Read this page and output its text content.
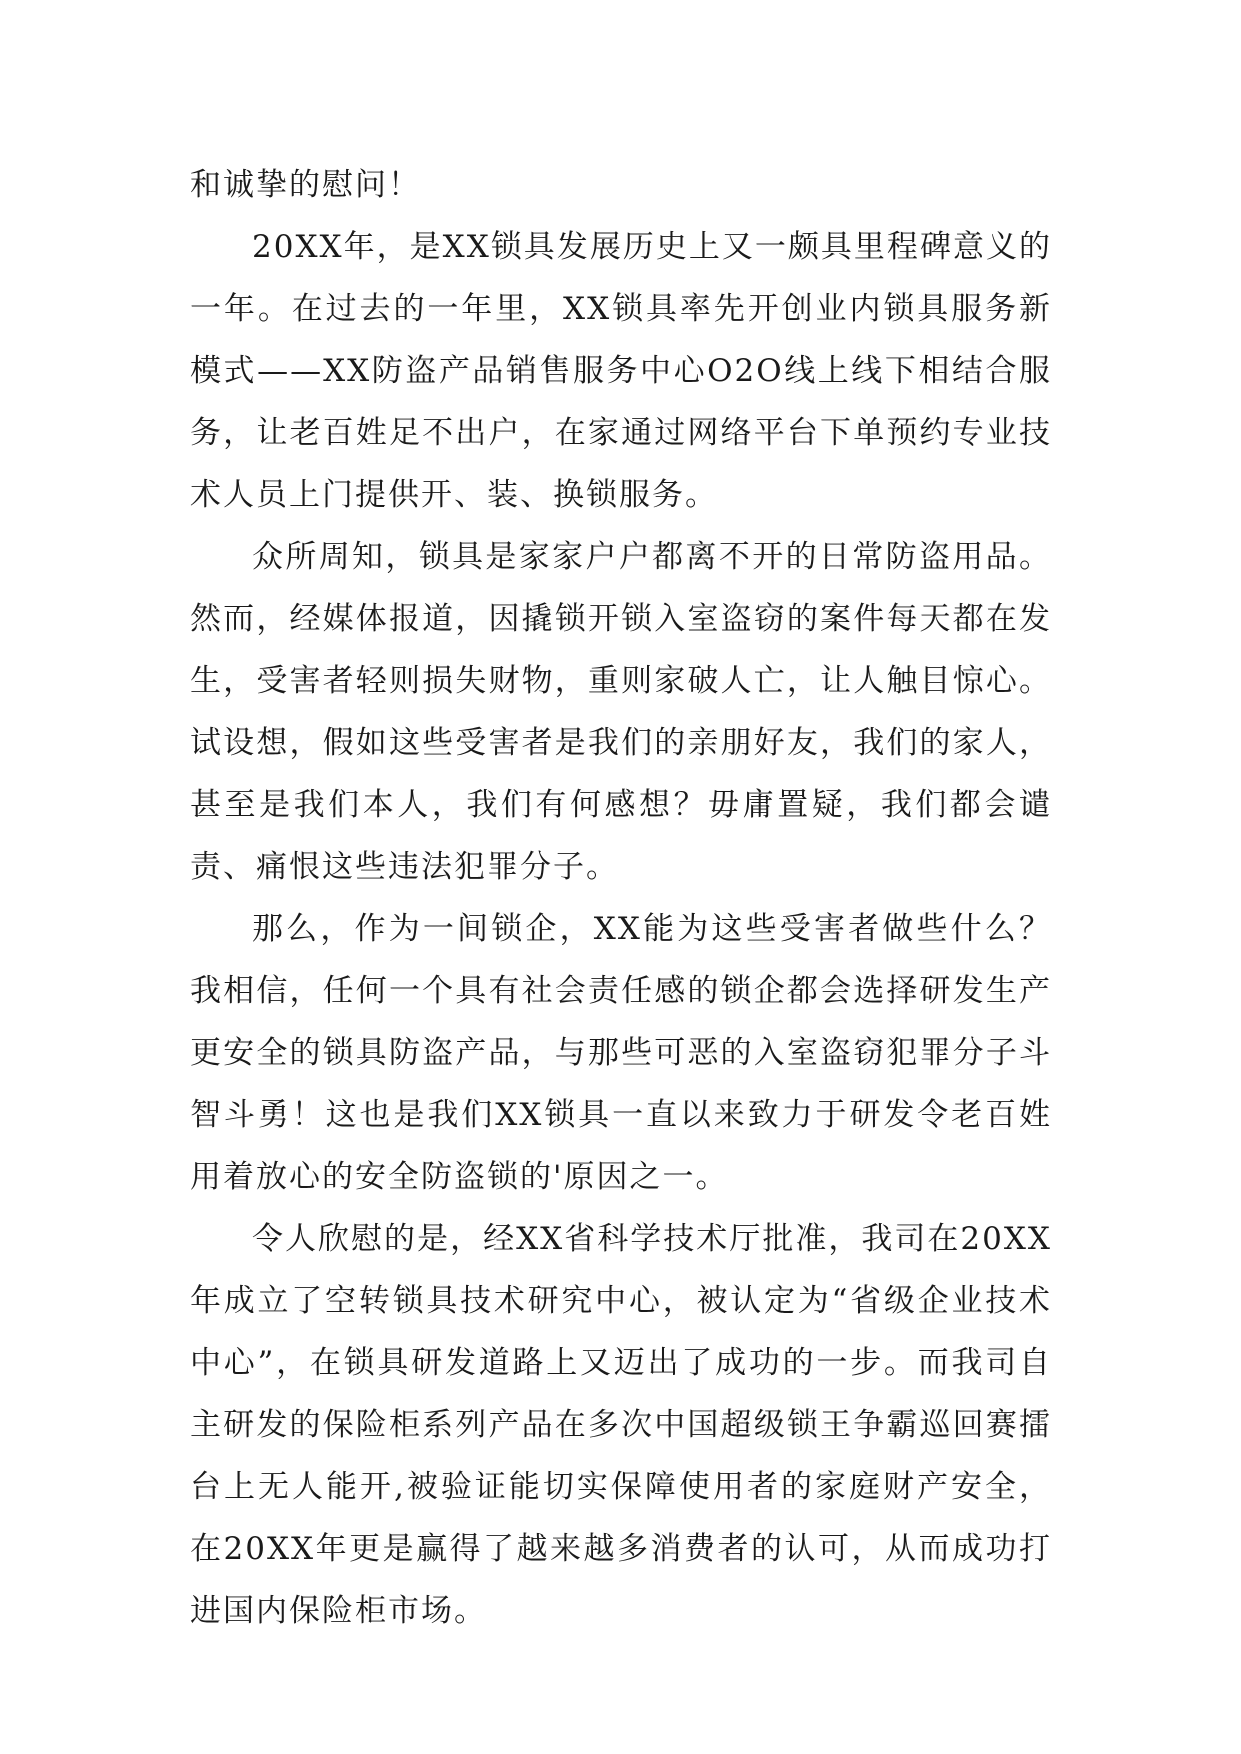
和诚挚的慰问！

20XX年，是XX锁具发展历史上又一颇具里程碑意义的一年。在过去的一年里，XX锁具率先开创业内锁具服务新模式——XX防盗产品销售服务中心O2O线上线下相结合服务，让老百姓足不出户，在家通过网络平台下单预约专业技术人员上门提供开、装、换锁服务。

众所周知，锁具是家家户户都离不开的日常防盗用品。然而，经媒体报道，因撬锁开锁入室盗窃的案件每天都在发生，受害者轻则损失财物，重则家破人亡，让人触目惊心。试设想，假如这些受害者是我们的亲朋好友，我们的家人，甚至是我们本人，我们有何感想？毋庸置疑，我们都会谴责、痛恨这些违法犯罪分子。

那么，作为一间锁企，XX能为这些受害者做些什么？我相信，任何一个具有社会责任感的锁企都会选择研发生产更安全的锁具防盗产品，与那些可恶的入室盗窃犯罪分子斗智斗勇！这也是我们XX锁具一直以来致力于研发令老百姓用着放心的安全防盗锁的'原因之一。

令人欣慰的是，经XX省科学技术厅批准，我司在20XX年成立了空转锁具技术研究中心，被认定为“省级企业技术中心”，在锁具研发道路上又迈出了成功的一步。而我司自主研发的保险柜系列产品在多次中国超级锁王争霸巡回赛擂台上无人能开,被验证能切实保障使用者的家庭财产安全，在20XX年更是赢得了越来越多消费者的认可，从而成功打进国内保险柜市场。
